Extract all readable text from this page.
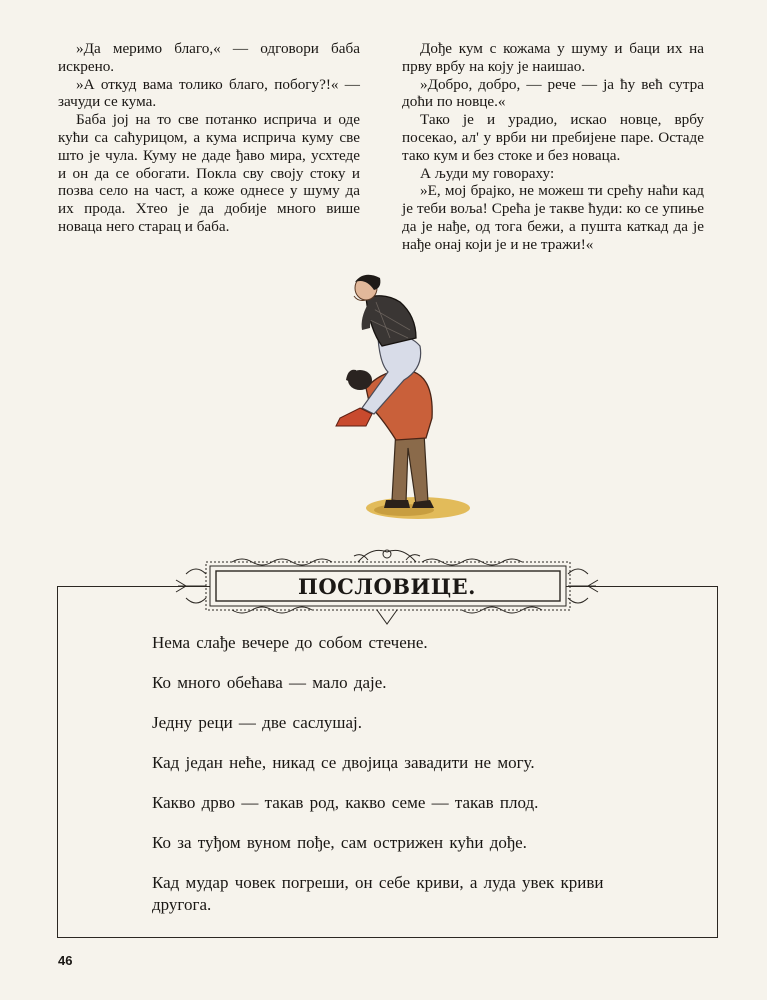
»Да меримо благо,« — одговори баба искрено.

»А откуд вама толико благо, побогу?!« — зачуди се кума.

Баба јој на то све потанко исприча и оде кући са саћурицом, а кума исприча куму све што је чула. Куму не даде ђаво мира, усхтеде и он да се обогати. Покла сву своју стоку и позва село на част, а коже однесе у шуму да их прода. Хтео је да добије много више новаца него старац и баба.

Дође кум с кожама у шуму и баци их на прву врбу на коју је наишао.

»Добро, добро, — рече — ја ћу већ сутра доћи по новце.«

Тако је и урадио, искао новце, врбу посекао, ал' у врби ни пребијене паре. Остаде тако кум и без стоке и без новаца.

А људи му говораху:

»Е, мој брајко, не можеш ти срећу наћи кад је теби воља! Срећа је такве ћуди: ко се упиње да је нађе, од тога бежи, а пушта каткад да је нађе онај који је и не тражи!«

ПОСЛОВИЦЕ.

Нема слађе вечере до собом стечене.

Ко много обећава — мало даје.

Једну реци — две саслушај.

Кад један неће, никад се двојица завадити не могу.

Какво дрво — такав род, какво семе — такав плод.

Ко за туђом вуном пође, сам острижен кући дође.

Кад мудар човек погреши, он себе криви, а луда увек криви другога.

46
